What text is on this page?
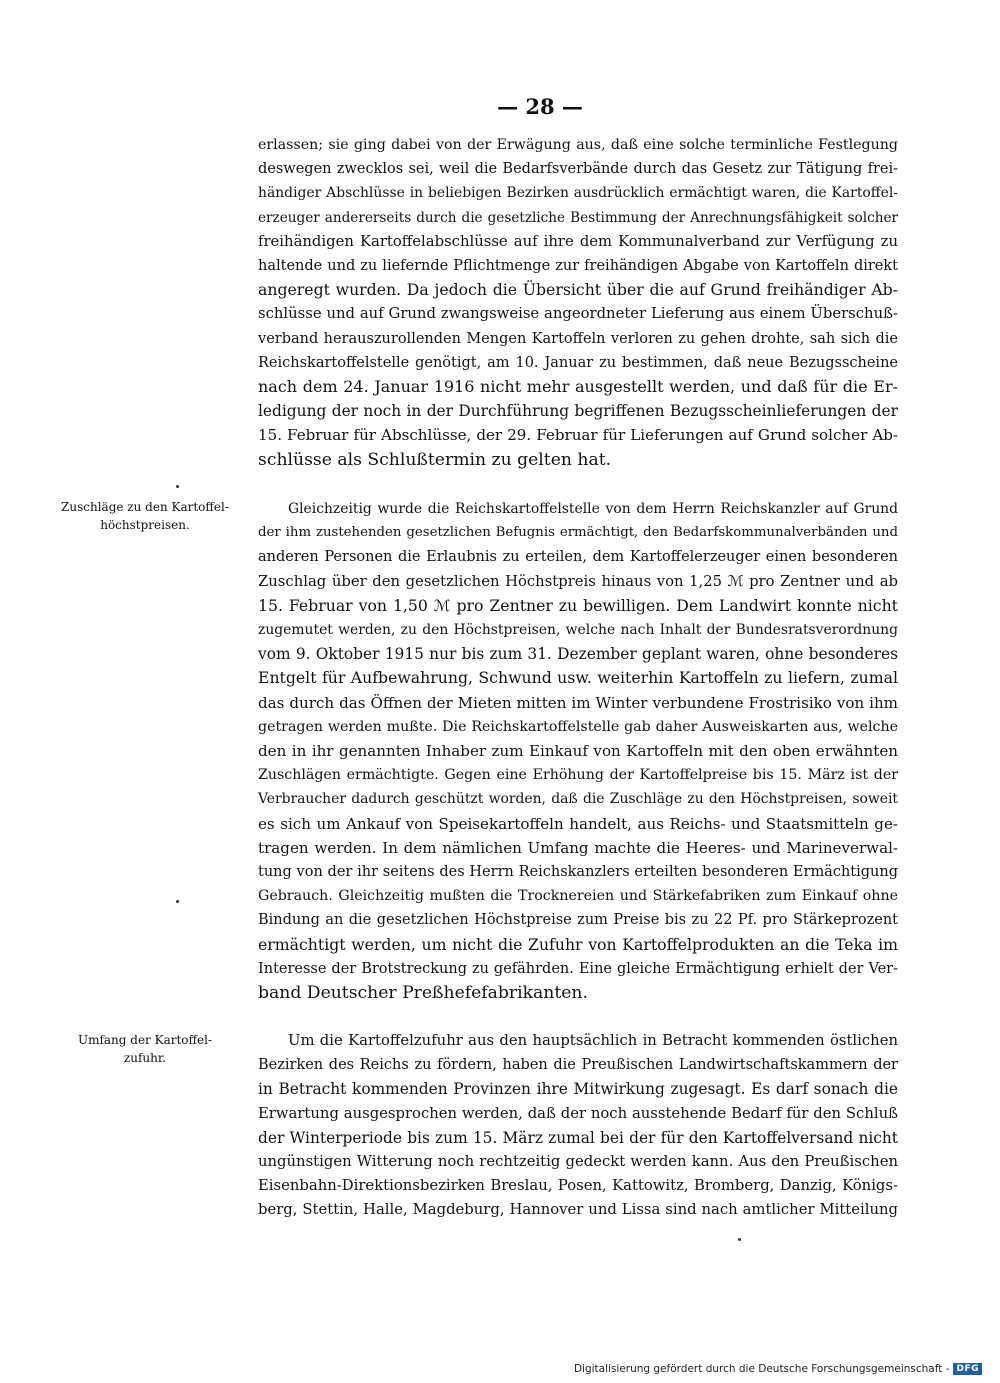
— 28 —
erlassen; sie ging dabei von der Erwägung aus, daß eine solche terminliche Festlegung
deswegen zwecklos sei, weil die Bedarfsverbände durch das Gesetz zur Tätigung frei-
händiger Abschlüsse in beliebigen Bezirken ausdrücklich ermächtigt waren, die Kartoffel-
erzeuger andererseits durch die gesetzliche Bestimmung der Anrechnungsfähigkeit solcher
freihändigen Kartoffelabschlüsse auf ihre dem Kommunalverband zur Verfügung zu
haltende und zu liefernde Pflichtmenge zur freihändigen Abgabe von Kartoffeln direkt
angeregt wurden. Da jedoch die Übersicht über die auf Grund freihändiger Ab-
schlüsse und auf Grund zwangsweise angeordneter Lieferung aus einem Überschuß-
verband herauszurollenden Mengen Kartoffeln verloren zu gehen drohte, sah sich die
Reichskartoffelstelle genötigt, am 10. Januar zu bestimmen, daß neue Bezugsscheine
nach dem 24. Januar 1916 nicht mehr ausgestellt werden, und daß für die Er-
ledigung der noch in der Durchführung begriffenen Bezugsscheinlieferungen der
15. Februar für Abschlüsse, der 29. Februar für Lieferungen auf Grund solcher Ab-
schlüsse als Schlußtermin zu gelten hat.
Zuschläge zu den Kartoffel-
höchstpreisen.
Gleichzeitig wurde die Reichskartoffelstelle von dem Herrn Reichskanzler auf Grund
der ihm zustehenden gesetzlichen Befugnis ermächtigt, den Bedarfskommunalverbänden und
anderen Personen die Erlaubnis zu erteilen, dem Kartoffelerzeuger einen besonderen
Zuschlag über den gesetzlichen Höchstpreis hinaus von 1,25 ℳ pro Zentner und ab
15. Februar von 1,50 ℳ pro Zentner zu bewilligen. Dem Landwirt konnte nicht
zugemutet werden, zu den Höchstpreisen, welche nach Inhalt der Bundesratsverordnung
vom 9. Oktober 1915 nur bis zum 31. Dezember geplant waren, ohne besonderes
Entgelt für Aufbewahrung, Schwund usw. weiterhin Kartoffeln zu liefern, zumal
das durch das Öffnen der Mieten mitten im Winter verbundene Frostrisiko von ihm
getragen werden mußte. Die Reichskartoffelstelle gab daher Ausweiskarten aus, welche
den in ihr genannten Inhaber zum Einkauf von Kartoffeln mit den oben erwähnten
Zuschlägen ermächtigte. Gegen eine Erhöhung der Kartoffelpreise bis 15. März ist der
Verbraucher dadurch geschützt worden, daß die Zuschläge zu den Höchstpreisen, soweit
es sich um Ankauf von Speisekartoffeln handelt, aus Reichs- und Staatsmitteln ge-
tragen werden. In dem nämlichen Umfang machte die Heeres- und Marineverwal-
tung von der ihr seitens des Herrn Reichskanzlers erteilten besonderen Ermächtigung
Gebrauch. Gleichzeitig mußten die Trocknereien und Stärkefabriken zum Einkauf ohne
Bindung an die gesetzlichen Höchstpreise zum Preise bis zu 22 Pf. pro Stärkeprozent
ermächtigt werden, um nicht die Zufuhr von Kartoffelprodukten an die Teka im
Interesse der Brotstreckung zu gefährden. Eine gleiche Ermächtigung erhielt der Ver-
band Deutscher Preßhefefabrikanten.
Umfang der Kartoffel-
zufuhr.
Um die Kartoffelzufuhr aus den hauptsächlich in Betracht kommenden östlichen
Bezirken des Reichs zu fördern, haben die Preußischen Landwirtschaftskammern der
in Betracht kommenden Provinzen ihre Mitwirkung zugesagt. Es darf sonach die
Erwartung ausgesprochen werden, daß der noch ausstehende Bedarf für den Schluß
der Winterperiode bis zum 15. März zumal bei der für den Kartoffelversand nicht
ungünstigen Witterung noch rechtzeitig gedeckt werden kann. Aus den Preußischen
Eisenbahn-Direktionsbezirken Breslau, Posen, Kattowitz, Bromberg, Danzig, Königs-
berg, Stettin, Halle, Magdeburg, Hannover und Lissa sind nach amtlicher Mitteilung
Digitalisierung gefördert durch die Deutsche Forschungsgemeinschaft - DFG
